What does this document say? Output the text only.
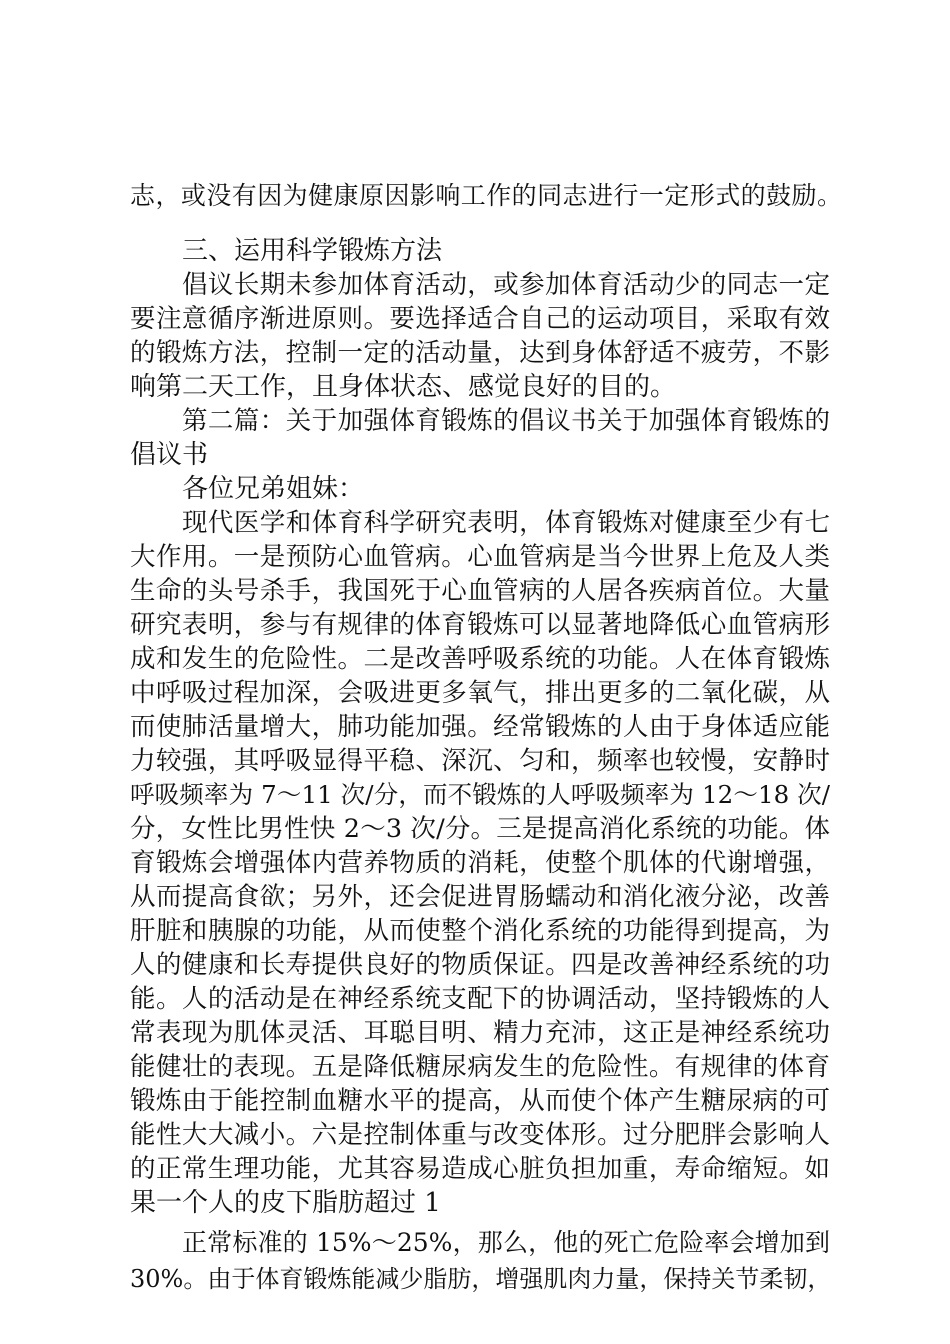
志，或没有因为健康原因影响工作的同志进行一定形式的鼓励。
三、运用科学锻炼方法
倡议长期未参加体育活动，或参加体育活动少的同志一定
要注意循序渐进原则。要选择适合自己的运动项目，采取有效
的锻炼方法，控制一定的活动量，达到身体舒适不疲劳，不影
响第二天工作，且身体状态、感觉良好的目的。
第二篇：关于加强体育锻炼的倡议书关于加强体育锻炼的
倡议书
各位兄弟姐妹：
现代医学和体育科学研究表明，体育锻炼对健康至少有七
大作用。一是预防心血管病。心血管病是当今世界上危及人类
生命的头号杀手，我国死于心血管病的人居各疾病首位。大量
研究表明，参与有规律的体育锻炼可以显著地降低心血管病形
成和发生的危险性。二是改善呼吸系统的功能。人在体育锻炼
中呼吸过程加深，会吸进更多氧气，排出更多的二氧化碳，从
而使肺活量增大，肺功能加强。经常锻炼的人由于身体适应能
力较强，其呼吸显得平稳、深沉、匀和，频率也较慢，安静时
呼吸频率为 7～11 次/分，而不锻炼的人呼吸频率为 12～18 次/
分，女性比男性快 2～3 次/分。三是提高消化系统的功能。体
育锻炼会增强体内营养物质的消耗，使整个肌体的代谢增强，
从而提高食欲；另外，还会促进胃肠蠕动和消化液分泌，改善
肝脏和胰腺的功能，从而使整个消化系统的功能得到提高，为
人的健康和长寿提供良好的物质保证。四是改善神经系统的功
能。人的活动是在神经系统支配下的协调活动，坚持锻炼的人
常表现为肌体灵活、耳聪目明、精力充沛，这正是神经系统功
能健壮的表现。五是降低糖尿病发生的危险性。有规律的体育
锻炼由于能控制血糖水平的提高，从而使个体产生糖尿病的可
能性大大减小。六是控制体重与改变体形。过分肥胖会影响人
的正常生理功能，尤其容易造成心脏负担加重，寿命缩短。如
果一个人的皮下脂肪超过 1
正常标准的 15%～25%，那么，他的死亡危险率会增加到
30%。由于体育锻炼能减少脂肪，增强肌肉力量，保持关节柔韧，
